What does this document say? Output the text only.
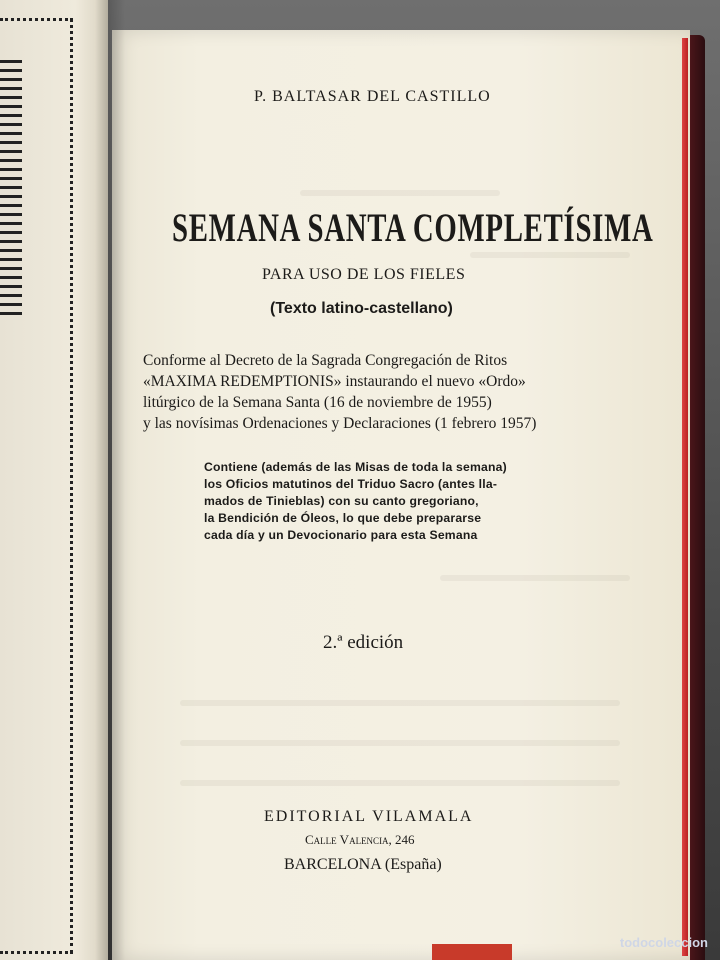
P. BALTASAR DEL CASTILLO
SEMANA SANTA COMPLETÍSIMA
PARA USO DE LOS FIELES
(Texto latino-castellano)
Conforme al Decreto de la Sagrada Congregación de Ritos
«MAXIMA REDEMPTIONIS» instaurando el nuevo «Ordo»
litúrgico de la Semana Santa (16 de noviembre de 1955)
y las novísimas Ordenaciones y Declaraciones (1 febrero 1957)
Contiene (además de las Misas de toda la semana)
los Oficios matutinos del Triduo Sacro (antes lla-
mados de Tinieblas) con su canto gregoriano,
la Bendición de Óleos, lo que debe prepararse
cada día y un Devocionario para esta Semana
2.ª edición
EDITORIAL VILAMALA
Calle Valencia, 246
BARCELONA (España)
todocoleccion
